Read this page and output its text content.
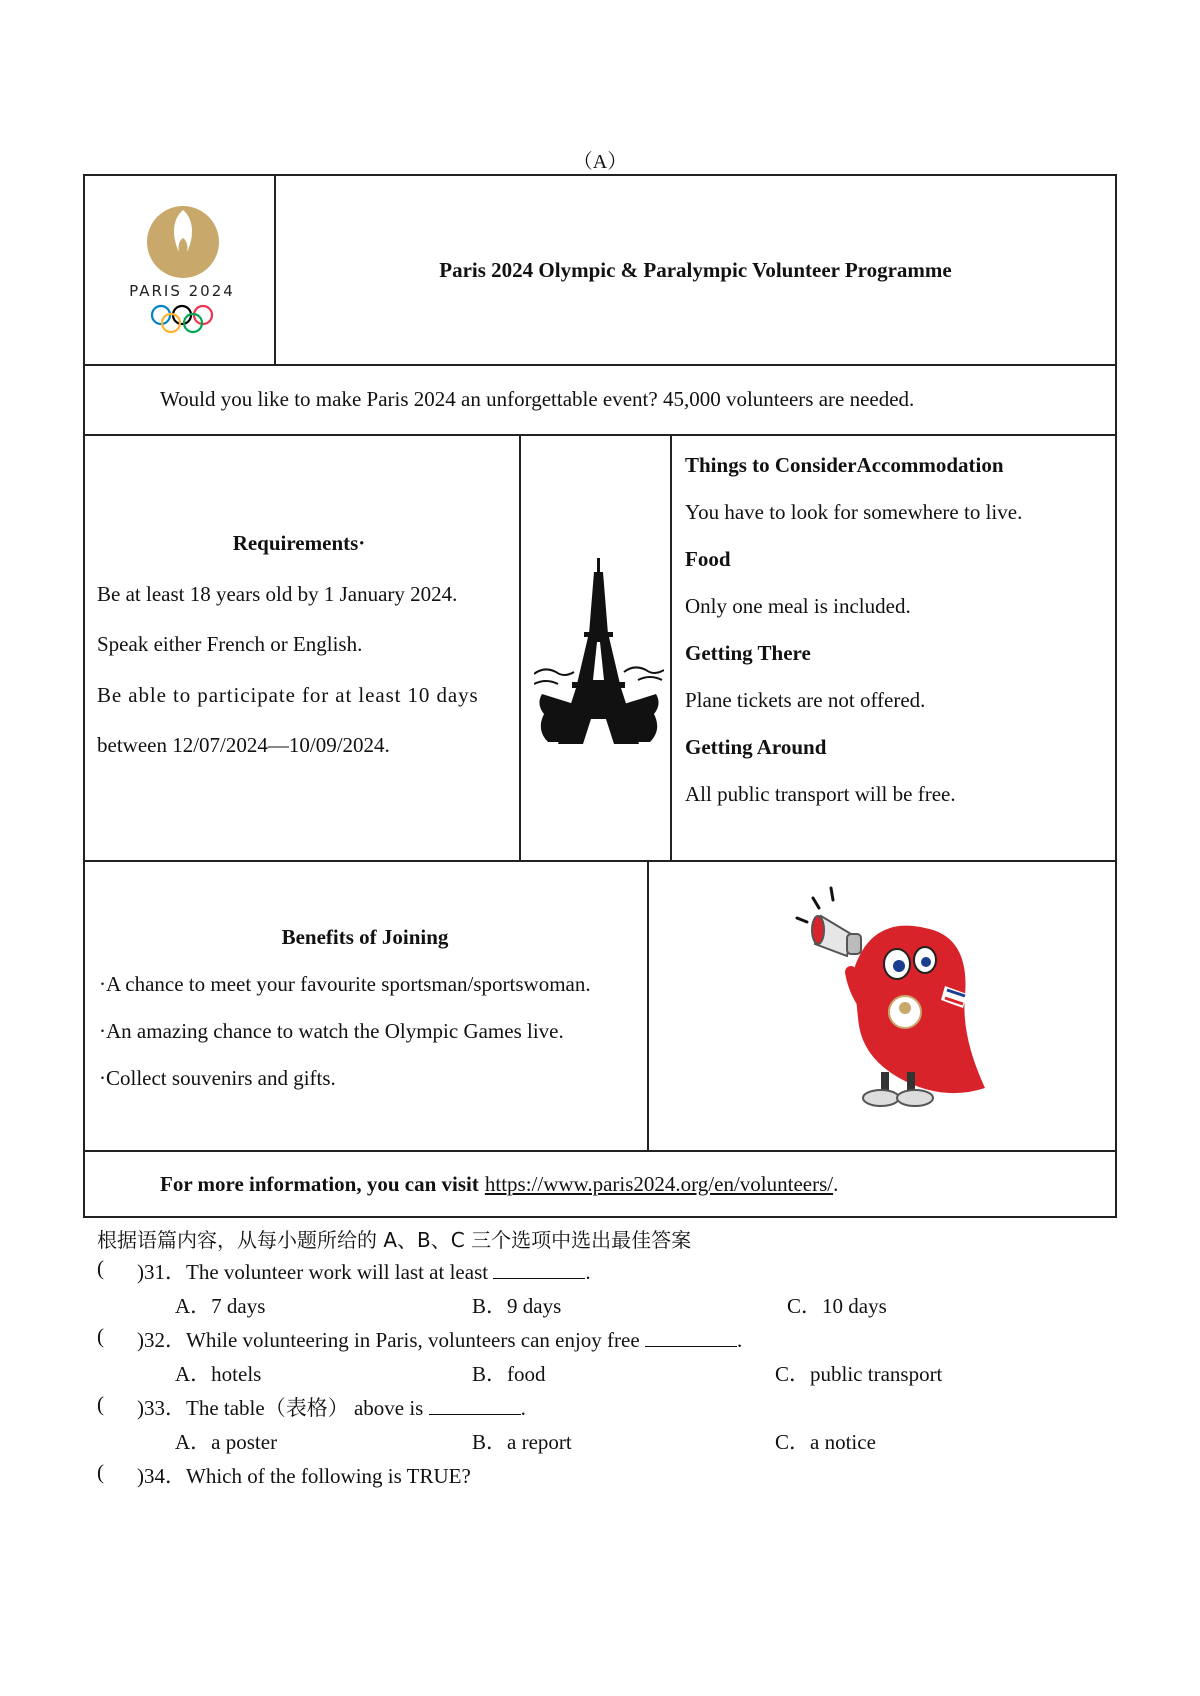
（A）
PARIS 2024
Paris 2024 Olympic & Paralympic Volunteer Programme
Would you like to make Paris 2024 an unforgettable event? 45,000 volunteers are needed.
Requirements·

Be at least 18 years old by 1 January 2024.

Speak either French or English.

Be able to participate for at least 10 days

between 12/07/2024—10/09/2024.

Things to ConsiderAccommodation
You have to look for somewhere to live.
Food
Only one meal is included.
Getting There
Plane tickets are not offered.
Getting Around
All public transport will be free.
Benefits of Joining

·A chance to meet your favourite sportsman/sportswoman.

·An amazing chance to watch the Olympic Games live.

·Collect souvenirs and gifts.

For more information, you can visit https://www.paris2024.org/en/volunteers/ .
根据语篇内容，从每小题所给的 A、B、C 三个选项中选出最佳答案
( )31．The volunteer work will last at least	.
A．7 days	B．9 days	C．10 days
( )32．While volunteering in Paris, volunteers can enjoy free	.
A．hotels	B．food	C．public transport
( )33．The table（表格） above is	.
A．a poster	B．a report	C．a notice
( )34．Which of the following is TRUE?
